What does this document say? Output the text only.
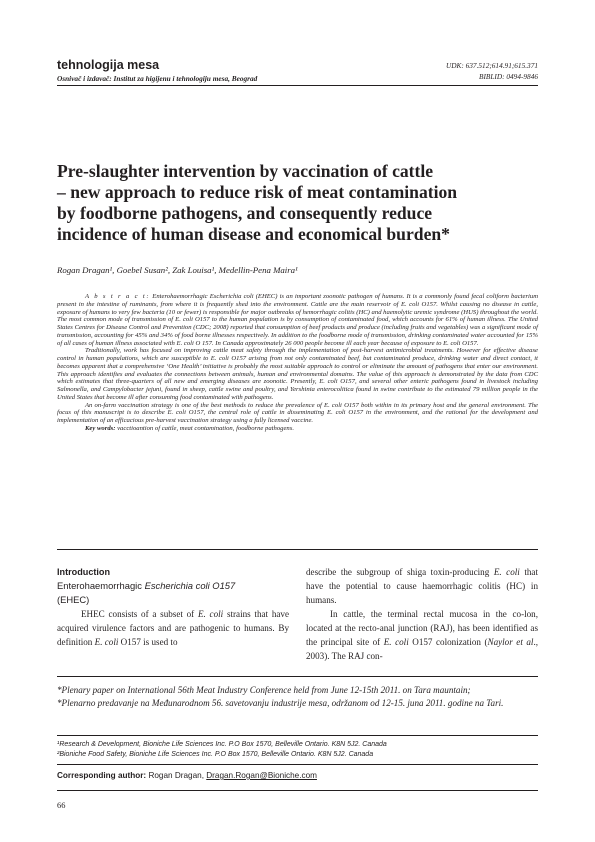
tehnologija mesa
Osnivač i izdavač: Institut za higijenu i tehnologiju mesa, Beograd
UDK: 637.512;614.91;615.371
BIBLID: 0494-9846
Pre-slaughter intervention by vaccination of cattle
– new approach to reduce risk of meat contamination
by foodborne pathogens, and consequently reduce
incidence of human disease and economical burden*
Rogan Dragan¹, Goebel Susan², Zak Louisa¹, Medellin-Pena Maira¹

A b s t r a c t: Enterohaemorrhagic Escherichia coli (EHEC) is an important zoonotic pathogen of humans. It is a commonly found fecal coliform bacterium present in the intestine of ruminants, from where it is frequently shed into the environment. Cattle are the main reservoir of E. coli O157. Whilst causing no disease in cattle, exposure of humans to very few bacteria (10 or fewer) is responsible for major outbreaks of hemorrhagic colitis (HC) and haemolytic uremic syndrome (HUS) throughout the world. The most common mode of transmission of E. coli O157 to the human population is by consumption of contaminated food, which accounts for 61% of human illness. The United States Centres for Disease Control and Prevention (CDC; 2008) reported that consumption of beef products and produce (including fruits and vegetables) was a significant mode of transmission, accounting for 45% and 34% of food borne illnesses respectively. In addition to the foodborne mode of transmission, drinking contaminated water accounted for 15% of all cases of human illness associated with E. coli O 157. In Canada approximately 26 000 people become ill each year because of exposure to E. coli O157.

Traditionally, work has focused on improving cattle meat safety through the implementation of post-harvest antimicrobial treatments. However for effective disease control in human populations, which are susceptible to E. coli O157 arising from not only contaminated beef, but contaminated produce, drinking water and direct contact, it becomes apparent that a comprehensive ‘One Health’ initiative is probably the most suitable approach to control or eliminate the amount of pathogens that enter our environment. This approach identifies and evaluates the connections between animals, human and environmental domains. The value of this approach is demonstrated by the data from CDC which estimates that three-quarters of all new and emerging diseases are zoonotic. Presently, E. coli O157, and several other enteric pathogens found in livestock including Salmonella, and Campylobacter jejuni, found in sheep, cattle swine and poultry, and Yershinia enterocolitica found in swine contribute to the estimated 79 million people in the United States that become ill after consuming food contaminated with pathogens.

An on-farm vaccination strategy is one of the best methods to reduce the prevalence of E. coli O157 both within in its primary host and the general environment. The focus of this manuscript is to describe E. coli O157, the central role of cattle in disseminating E. coli O157 in the environment, and the rational for the development and implementation of an efficacious pre-harvest vaccination strategy using a fully licensed vaccine.

Key words: vacctioantion of cattle, meat contamination, foodborne pathogens.

Introduction

Enterohaemorrhagic Escherichia coli O157
(EHEC)

EHEC consists of a subset of E. coli strains that have acquired virulence factors and are pathogenic to humans. By definition E. coli O157 is used to

describe the subgroup of shiga toxin-producing E. coli that have the potential to cause haemorrhagic colitis (HC) in humans.

In cattle, the terminal rectal mucosa in the co-lon, located at the recto-anal junction (RAJ), has been identified as the principal site of E. coli O157 colonization (Naylor et al., 2003). The RAJ con-

*Plenary paper on International 56th Meat Industry Conference held from June 12-15th 2011. on Tara mauntain;

*Plenarno predavanje na Međunarodnom 56. savetovanju industrije mesa, održanom od 12-15. juna 2011. godine na Tari.

¹Research & Development, Bioniche Life Sciences Inc. P.O Box 1570, Belleville Ontario. K8N 5J2. Canada

²Bioniche Food Safety, Bioniche Life Sciences Inc. P.O Box 1570, Belleville Ontario. K8N 5J2. Canada

Corresponding author: Rogan Dragan, Dragan.Rogan@Bioniche.com
66
